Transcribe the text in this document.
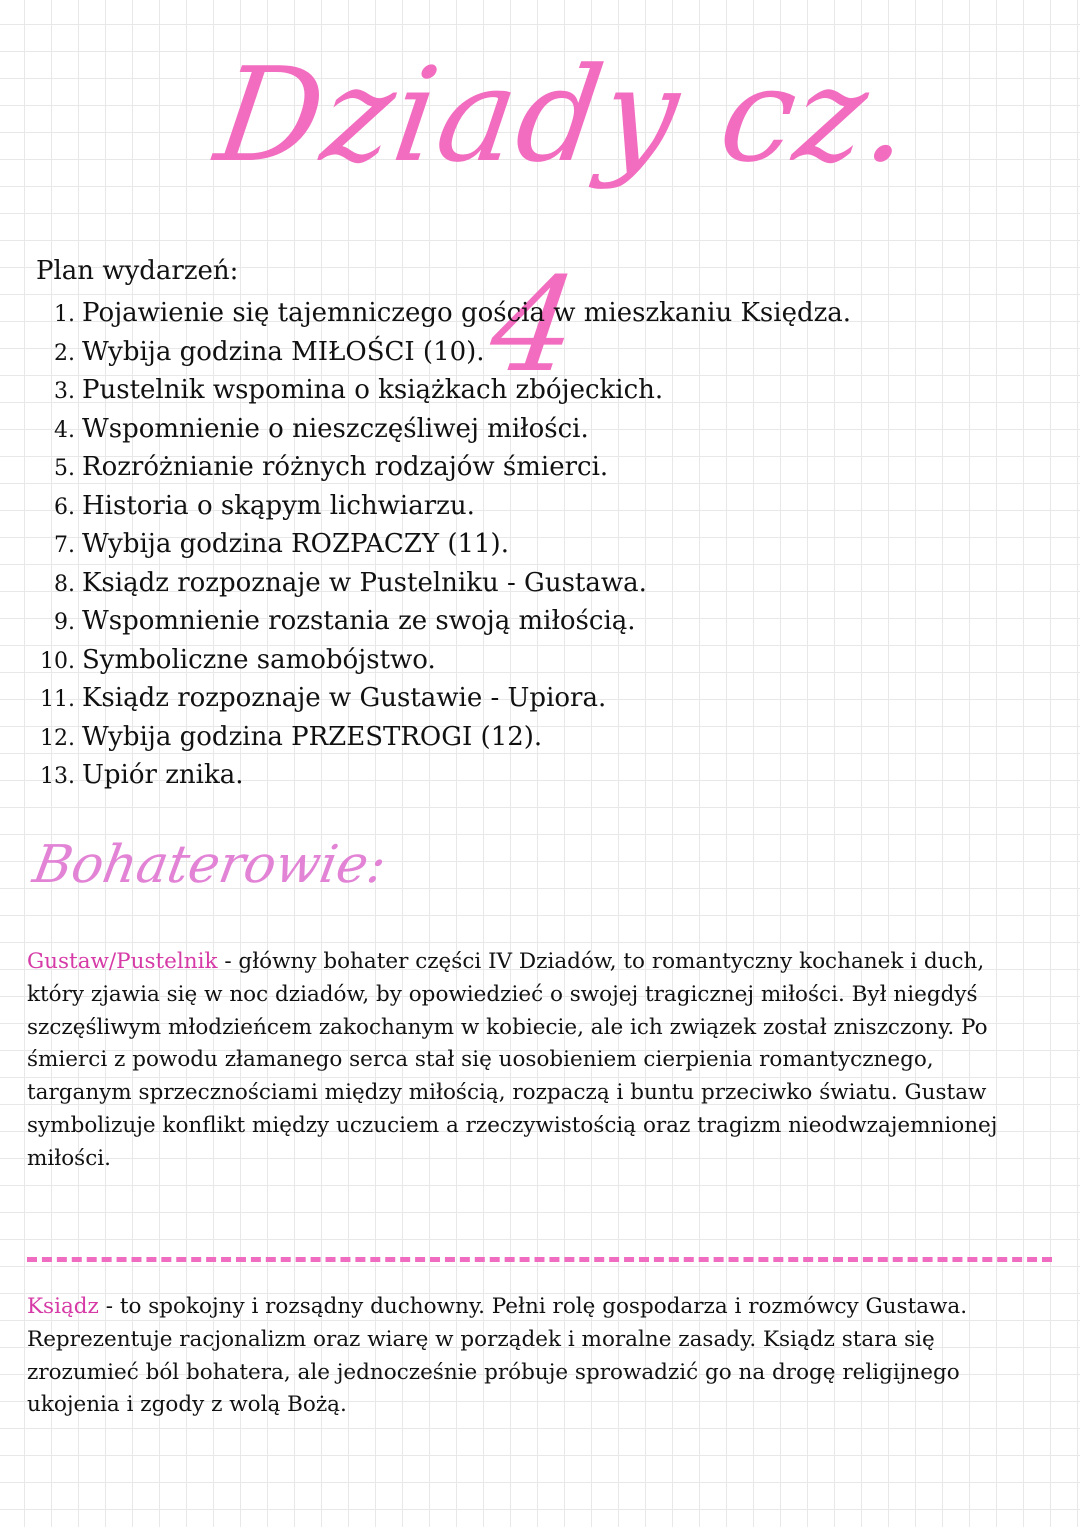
Dziady cz. 4
Plan wydarzeń:
1. Pojawienie się tajemniczego gościa w mieszkaniu Księdza.
2. Wybija godzina MIŁOŚCI (10).
3. Pustelnik wspomina o książkach zbójeckich.
4. Wspomnienie o nieszczęśliwej miłości.
5. Rozróżnianie różnych rodzajów śmierci.
6. Historia o skąpym lichwiarzu.
7. Wybija godzina ROZPACZY (11).
8. Ksiądz rozpoznaje w Pustelniku - Gustawa.
9. Wspomnienie rozstania ze swoją miłością.
10. Symboliczne samobójstwo.
11. Ksiądz rozpoznaje w Gustawie - Upiora.
12. Wybija godzina PRZESTROGI (12).
13. Upiór znika.
Bohaterowie:
Gustaw/Pustelnik - główny bohater części IV Dziadów, to romantyczny kochanek i duch, który zjawia się w noc dziadów, by opowiedzieć o swojej tragicznej miłości. Był niegdyś szczęśliwym młodzieńcem zakochanym w kobiecie, ale ich związek został zniszczony. Po śmierci z powodu złamanego serca stał się uosobieniem cierpienia romantycznego, targanym sprzecznościami między miłością, rozpaczą i buntu przeciwko światu. Gustaw symbolizuje konflikt między uczuciem a rzeczywistością oraz tragizm nieodwzajemnionej miłości.
Ksiądz - to spokojny i rozsądny duchowny. Pełni rolę gospodarza i rozmówcy Gustawa. Reprezentuje racjonalizm oraz wiarę w porządek i moralne zasady. Ksiądz stara się zrozumieć ból bohatera, ale jednocześnie próbuje sprowadzić go na drogę religijnego ukojenia i zgody z wolą Bożą.
